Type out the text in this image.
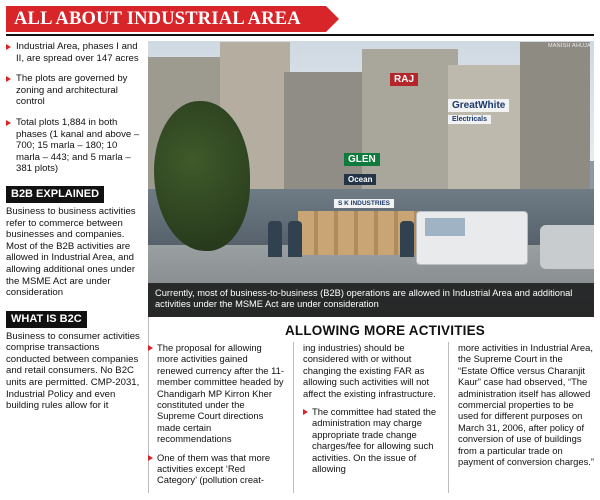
ALL ABOUT INDUSTRIAL AREA
Industrial Area, phases I and II, are spread over 147 acres
The plots are governed by zoning and architectural control
Total plots 1,884 in both phases (1 kanal and above – 700; 15 marla – 180; 10 marla – 443; and 5 marla – 381 plots)
B2B EXPLAINED
Business to business activities refer to commerce between businesses and companies. Most of the B2B activities are allowed in Industrial Area, and allowing additional ones under the MSME Act are under consideration
WHAT IS B2C
Business to consumer activities comprise transactions conducted between companies and retail consumers. No B2C units are permitted. CMP-2031, Industrial Policy and even building rules allow for it
RAJ
GreatWhite
Electricals
GLEN
Ocean
S K INDUSTRIES
MANISH AHUJA
Currently, most of business-to-business (B2B) operations are allowed in Industrial Area and additional activities under the MSME Act are under consideration
ALLOWING MORE ACTIVITIES
The proposal for allowing more activities gained renewed currency after the 11-member committee headed by Chandigarh MP Kirron Kher constituted under the Supreme Court directions made certain recommendations
One of them was that more activities except ‘Red Category’ (pollution creat-
ing industries) should be considered with or without changing the existing FAR as allowing such activities will not affect the existing infrastructure.
The committee had stated the administration may charge appropriate trade change charges/fee for allowing such activities. On the issue of allowing
more activities in Industrial Area, the Supreme Court in the “Estate Office versus Charanjit Kaur” case had observed, “The administration itself has allowed commercial properties to be used for different purposes on March 31, 2006, after policy of conversion of use of buildings from a particular trade on payment of conversion charges.”
